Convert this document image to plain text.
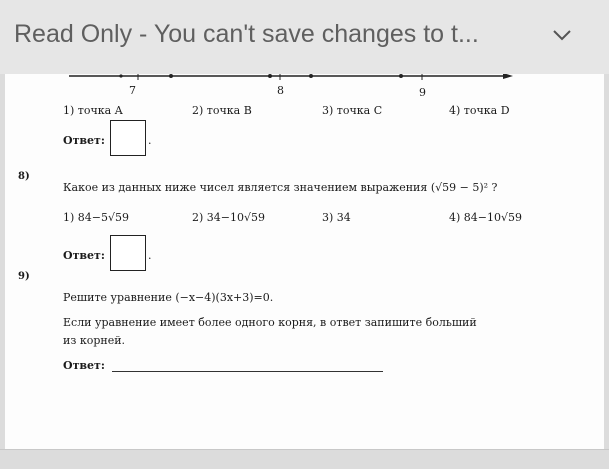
Read Only - You can't save changes to t...
7	8	9
1) точка A	2) точка B	3) точка C	4) точка D
Ответ:	.
8)
Какое из данных ниже чисел является значением выражения (√59 − 5)² ?
1) 84−5√59	2) 34−10√59	3) 34	4) 84−10√59
Ответ:	.
9)
Решите уравнение (−x−4)(3x+3)=0.
Если уравнение имеет более одного корня, в ответ запишите больший
из корней.
Ответ:
